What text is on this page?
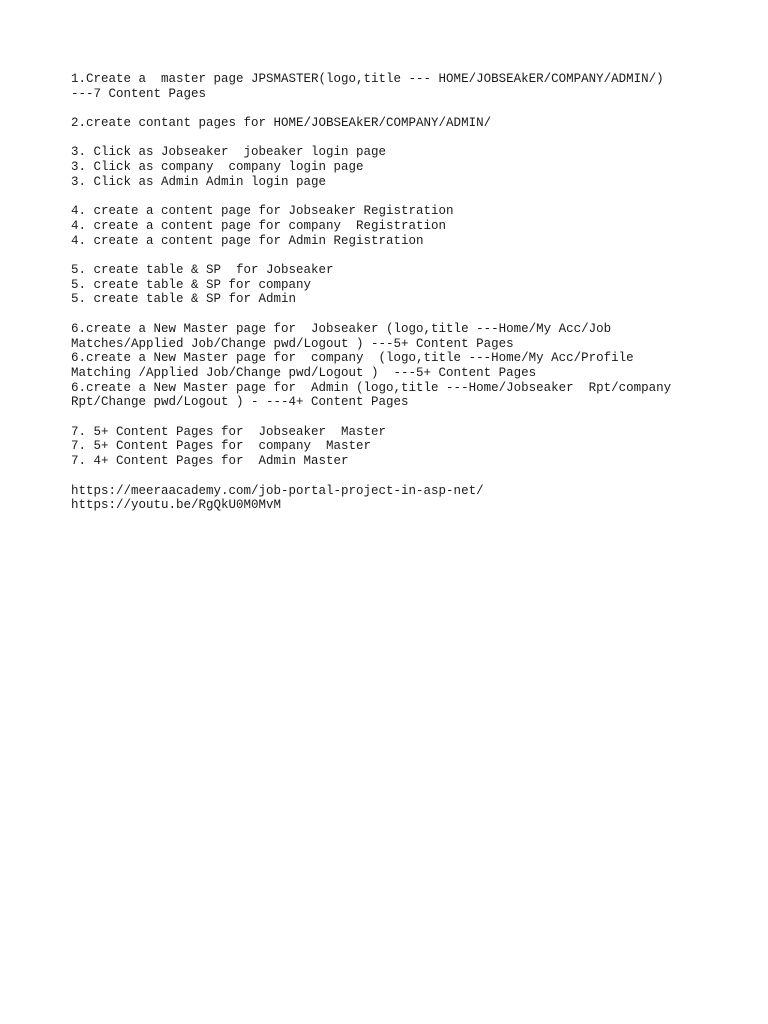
1.Create a  master page JPSMASTER(logo,title --- HOME/JOBSEAkER/COMPANY/ADMIN/)
---7 Content Pages
2.create contant pages for HOME/JOBSEAkER/COMPANY/ADMIN/
3. Click as Jobseaker  jobeaker login page
3. Click as company  company login page
3. Click as Admin Admin login page
4. create a content page for Jobseaker Registration
4. create a content page for company  Registration
4. create a content page for Admin Registration
5. create table & SP  for Jobseaker
5. create table & SP for company
5. create table & SP for Admin
6.create a New Master page for  Jobseaker (logo,title ---Home/My Acc/Job
Matches/Applied Job/Change pwd/Logout ) ---5+ Content Pages
6.create a New Master page for  company  (logo,title ---Home/My Acc/Profile
Matching /Applied Job/Change pwd/Logout )  ---5+ Content Pages
6.create a New Master page for  Admin (logo,title ---Home/Jobseaker  Rpt/company
Rpt/Change pwd/Logout ) - ---4+ Content Pages
7. 5+ Content Pages for  Jobseaker  Master
7. 5+ Content Pages for  company  Master
7. 4+ Content Pages for  Admin Master
https://meeraacademy.com/job-portal-project-in-asp-net/
https://youtu.be/RgQkU0M0MvM
